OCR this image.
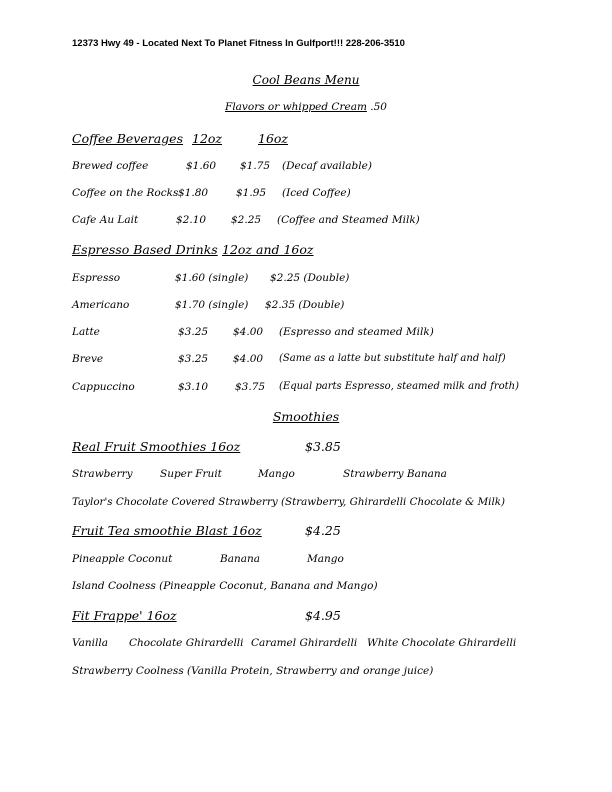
12373 Hwy 49 - Located Next To Planet Fitness In Gulfport!!! 228-206-3510
Cool Beans Menu
Flavors or whipped Cream .50
Coffee Beverages 12oz	16oz
Brewed coffee	$1.60 $1.75 (Decaf available)
Coffee on the Rocks $1.80	$1.95 (Iced Coffee)
Cafe Au Lait	$2.10 $2.25 (Coffee and Steamed Milk)
Espresso Based Drinks 12oz and 16oz
Espresso	$1.60 (single) $2.25 (Double)
Americano	$1.70 (single) $2.35 (Double)
Latte	$3.25 $4.00 (Espresso and steamed Milk)
Breve	$3.25 $4.00 (Same as a latte but substitute half and half)
Cappuccino	$3.10	$3.75 (Equal parts Espresso, steamed milk and froth)
Smoothies
Real Fruit Smoothies 16oz	$3.85
Strawberry	Super Fruit	Mango	Strawberry Banana
Taylor's Chocolate Covered Strawberry (Strawberry, Ghirardelli Chocolate & Milk)
Fruit Tea smoothie Blast 16oz	$4.25
Pineapple Coconut	Banana	Mango
Island Coolness (Pineapple Coconut, Banana and Mango)
Fit Frappe' 16oz	$4.95
Vanilla Chocolate Ghirardelli Caramel Ghirardelli White Chocolate Ghirardelli
Strawberry Coolness (Vanilla Protein, Strawberry and orange juice)
